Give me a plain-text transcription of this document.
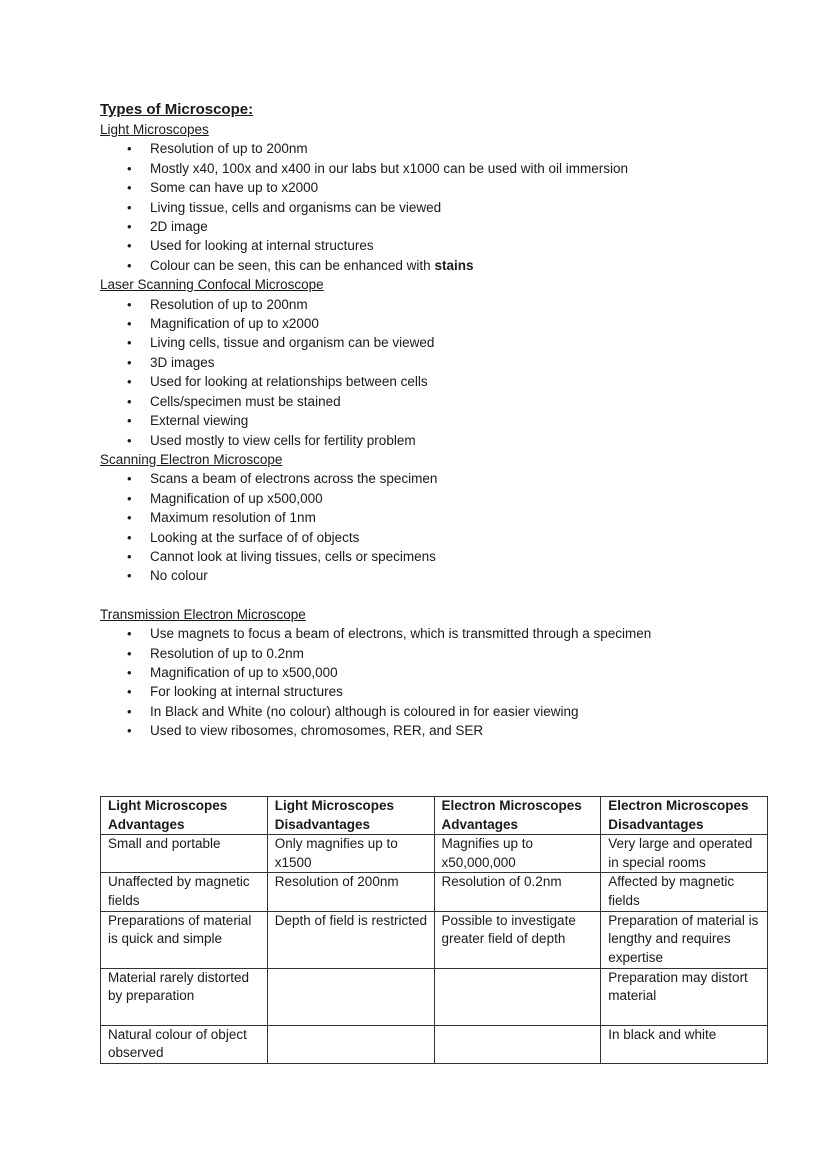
Types of Microscope:

Light Microscopes

• Resolution of up to 200nm
• Mostly x40, 100x and x400 in our labs but x1000 can be used with oil immersion
• Some can have up to x2000
• Living tissue, cells and organisms can be viewed
• 2D image
• Used for looking at internal structures
• Colour can be seen, this can be enhanced with stains

Laser Scanning Confocal Microscope

• Resolution of up to 200nm
• Magnification of up to x2000
• Living cells, tissue and organism can be viewed
• 3D images
• Used for looking at relationships between cells
• Cells/specimen must be stained
• External viewing
• Used mostly to view cells for fertility problem

Scanning Electron Microscope

• Scans a beam of electrons across the specimen
• Magnification of up x500,000
• Maximum resolution of 1nm
• Looking at the surface of of objects
• Cannot look at living tissues, cells or specimens
• No colour

Transmission Electron Microscope

• Use magnets to focus a beam of electrons, which is transmitted through a specimen
• Resolution of up to 0.2nm
• Magnification of up to x500,000
• For looking at internal structures
• In Black and White (no colour) although is coloured in for easier viewing
• Used to view ribosomes, chromosomes, RER, and SER
Light Microscopes Advantages	Light Microscopes Disadvantages	Electron Microscopes Advantages	Electron Microscopes Disadvantages
Small and portable	Only magnifies up to x1500	Magnifies up to x50,000,000	Very large and operated in special rooms
Unaffected by magnetic fields	Resolution of 200nm	Resolution of 0.2nm	Affected by magnetic fields
Preparations of material is quick and simple	Depth of field is restricted	Possible to investigate greater field of depth	Preparation of material is lengthy and requires expertise
Material rarely distorted by preparation			Preparation may distort material
Natural colour of object observed			In black and white
